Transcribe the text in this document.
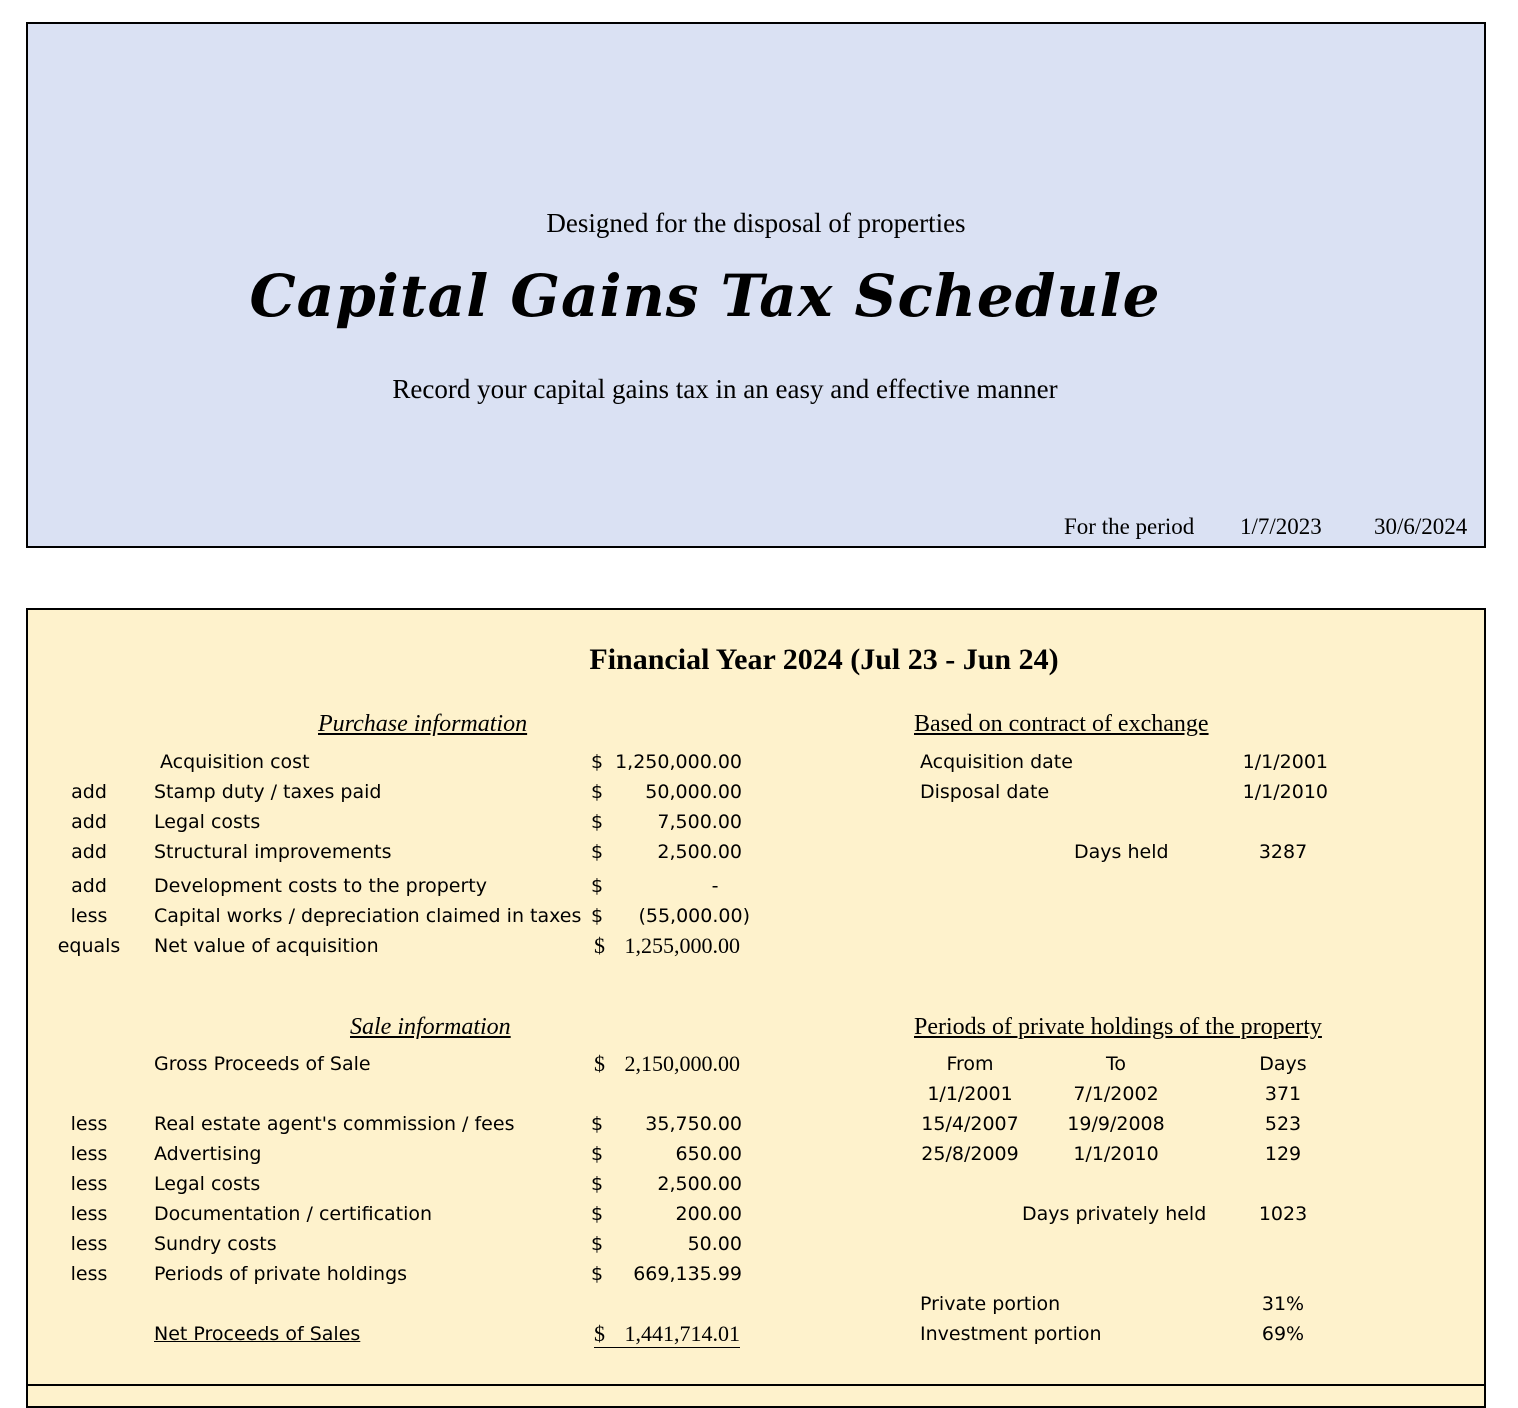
Designed for the disposal of properties
Capital Gains Tax Schedule
Record your capital gains tax in an easy and effective manner
For the period 1/7/2023 30/6/2024
Financial Year 2024 (Jul 23 - Jun 24)
Purchase information
Acquisition cost	$ 1,250,000.00
add	Stamp duty / taxes paid	$	50,000.00
add	Legal costs	$	7,500.00
add	Structural improvements	$	2,500.00
add	Development costs to the property	$	-
less	Capital works / depreciation claimed in taxes $	(55,000.00)
equals Net value of acquisition	$ 1,255,000.00
Sale information
Gross Proceeds of Sale	$ 2,150,000.00
less	Real estate agent's commission / fees	$	35,750.00
less	Advertising	$	650.00
less	Legal costs	$	2,500.00
less	Documentation / certification	$	200.00
less	Sundry costs	$	50.00
less	Periods of private holdings	$	669,135.99
Net Proceeds of Sales	$ 1,441,714.01
Based on contract of exchange
Acquisition date	1/1/2001
Disposal date	1/1/2010
Days held	3287
Periods of private holdings of the property
From	To	Days
1/1/2001	7/1/2002	371
15/4/2007	19/9/2008	523
25/8/2009	1/1/2010	129
Days privately held	1023
Private portion	31%
Investment portion	69%
